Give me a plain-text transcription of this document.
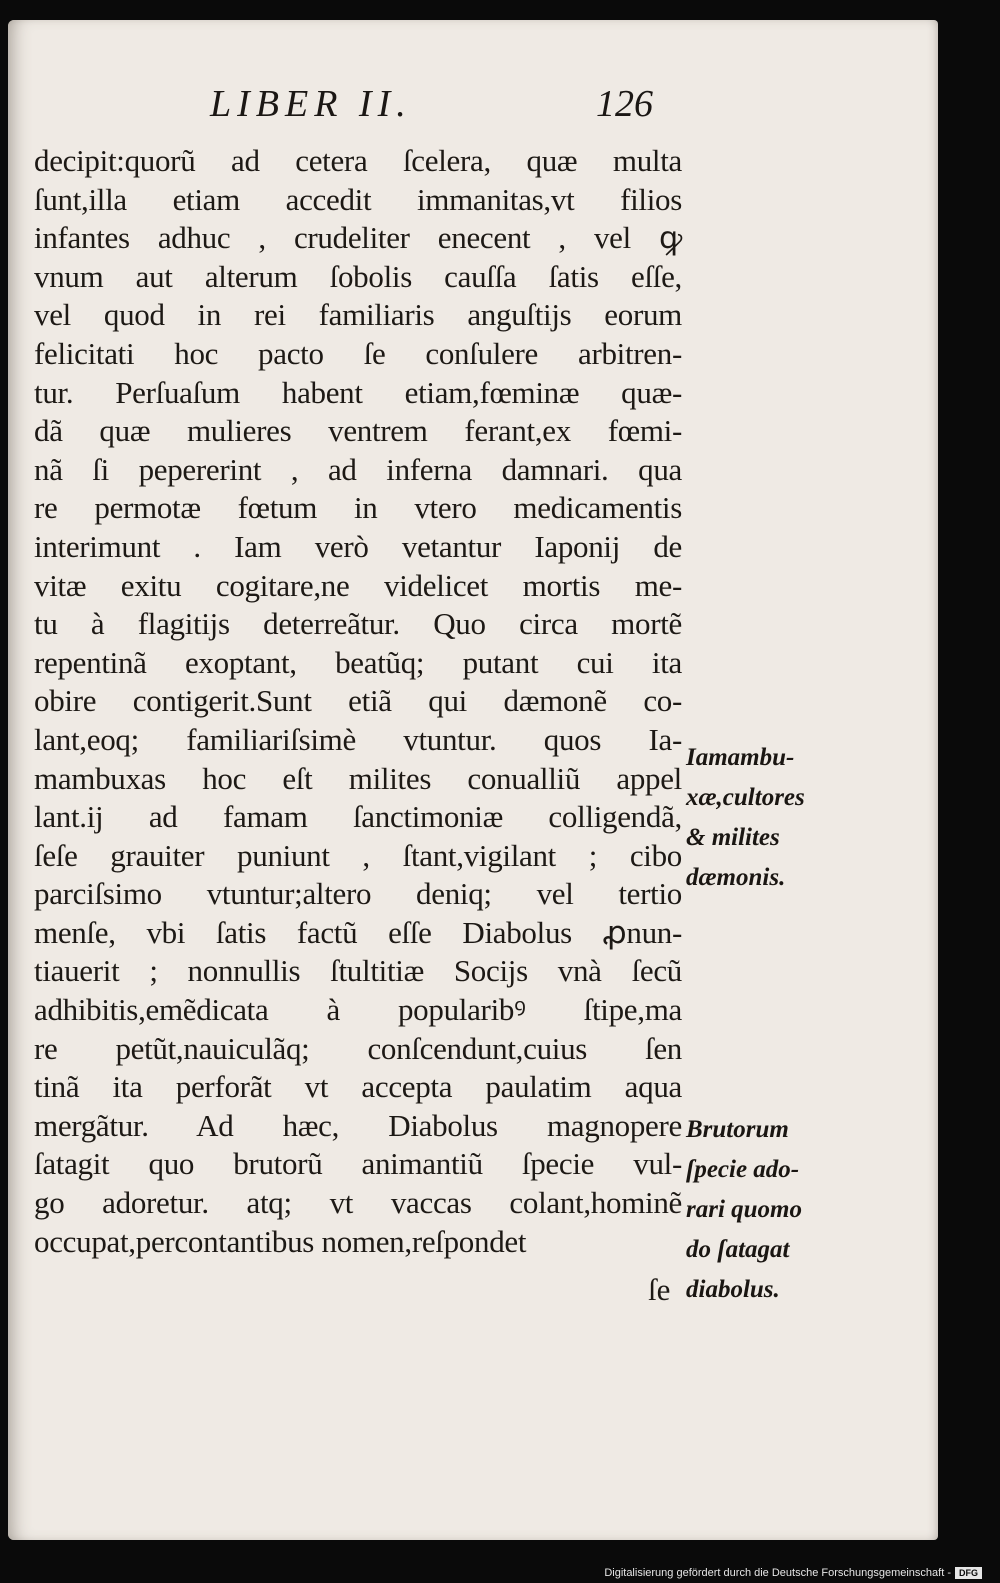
LIBER II.	126
decipit:quorũ ad cetera ſcelera, quæ multa
ſunt,illa etiam accedit immanitas,vt filios
infantes adhuc , crudeliter enecent , vel ꝙ
vnum aut alterum ſobolis cauſſa ſatis eſſe,
vel quod in rei familiaris anguſtijs eorum
felicitati hoc pacto ſe conſulere arbitren-
tur. Perſuaſum habent etiam,fœminæ quæ-
dã quæ mulieres ventrem ferant,ex fœmi-
nã ſi pepererint , ad inferna damnari. qua
re permotæ fœtum in vtero medicamentis
interimunt . Iam verò vetantur Iaponij de
vitæ exitu cogitare,ne videlicet mortis me-
tu à flagitijs deterreãtur. Quo circa mortẽ
repentinã exoptant, beatũq; putant cui ita
obire contigerit.Sunt etiã qui dæmonẽ co-
lant,eoq; familiariſsimè vtuntur. quos Ia-
mambuxas hoc eſt milites conualliũ appel
lant.ij ad famam ſanctimoniæ colligendã,
ſeſe grauiter puniunt , ſtant,vigilant ; cibo
parciſsimo vtuntur;altero deniq; vel tertio
menſe, vbi ſatis factũ eſſe Diabolus ꝓnun-
tiauerit ; nonnullis ſtultitiæ Socijs vnà ſecũ
adhibitis,emẽdicata à popularibꝰ ſtipe,ma
re petũt,nauiculãq; conſcendunt,cuius ſen
tinã ita perforãt vt accepta paulatim aqua
mergãtur. Ad hæc, Diabolus magnopere
ſatagit quo brutorũ animantiũ ſpecie vul-
go adoretur. atq; vt vaccas colant,hominẽ
occupat,percontantibus nomen,reſpondet
Iamambu-
xæ,cultores
& milites
dæmonis.
Brutorum
ſpecie ado-
rari quomo
do ſatagat
diabolus.
ſe
Digitalisierung gefördert durch die Deutsche Forschungsgemeinschaft - DFG
